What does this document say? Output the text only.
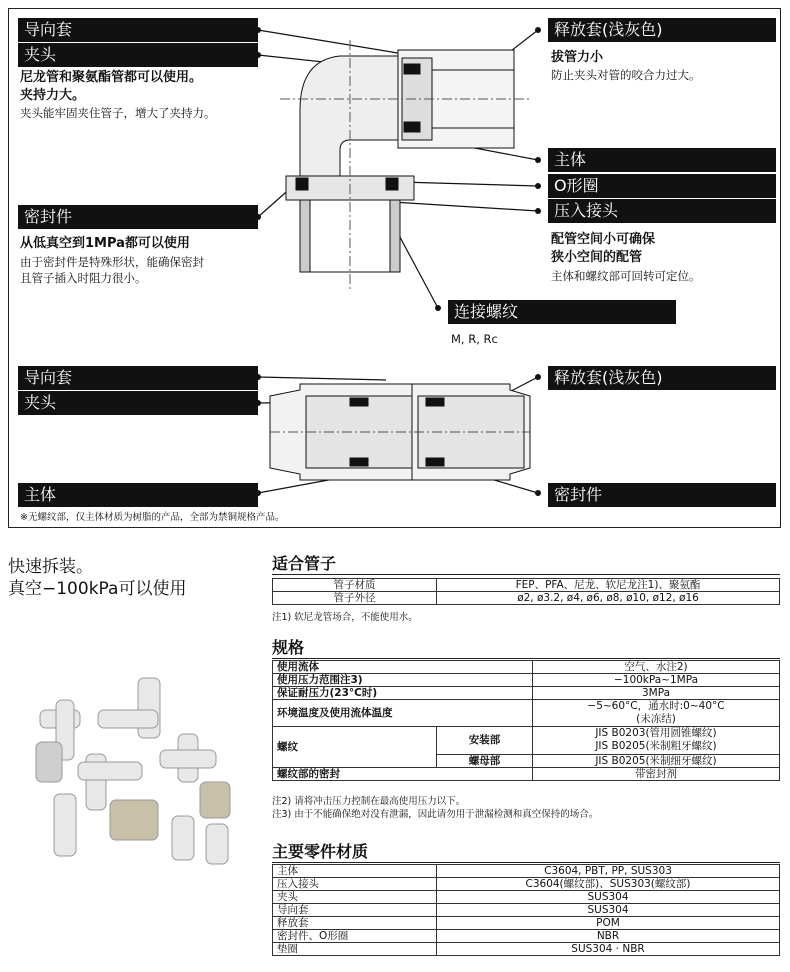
导向套
夹头
尼龙管和聚氨酯管都可以使用。
夹持力大。
夹头能牢固夹住管子，增大了夹持力。
密封件
从低真空到1MPa都可以使用
由于密封件是特殊形状，能确保密封
且管子插入时阻力很小。
释放套(浅灰色)
拔管力小
防止夹头对管的咬合力过大。
主体
O形圈
压入接头
配管空间小可确保
狭小空间的配管
主体和螺纹部可回转可定位。
连接螺纹
M, R, Rc
导向套
夹头
主体
释放套(浅灰色)
密封件
※无螺纹部，仅主体材质为树脂的产品，全部为禁铜规格产品。
快速拆装。
真空−100kPa可以使用
适合管子
管子材质	FEP、PFA、尼龙、软尼龙注1)、聚氨酯
管子外径	ø2, ø3.2, ø4, ø6, ø8, ø10, ø12, ø16
注1) 软尼龙管场合，不能使用水。
规格
使用流体		空气、水注2)
使用压力范围注3)		−100kPa~1MPa
保证耐压力(23°C时)		3MPa
环境温度及使用流体温度		−5~60°C，通水时:0~40°C
(未冻结)
螺纹	安装部	JIS B0203(管用圆锥螺纹)
JIS B0205(米制粗牙螺纹)
	螺母部	JIS B0205(米制细牙螺纹)
螺纹部的密封		带密封剂
注2) 请将冲击压力控制在最高使用压力以下。
注3) 由于不能确保绝对没有泄漏，因此请勿用于泄漏检测和真空保持的场合。
主要零件材质
主体	C3604, PBT, PP, SUS303
压入接头	C3604(螺纹部)、SUS303(螺纹部)
夹头	SUS304
导向套	SUS304
释放套	POM
密封件、O形圈	NBR
垫圈	SUS304 · NBR
